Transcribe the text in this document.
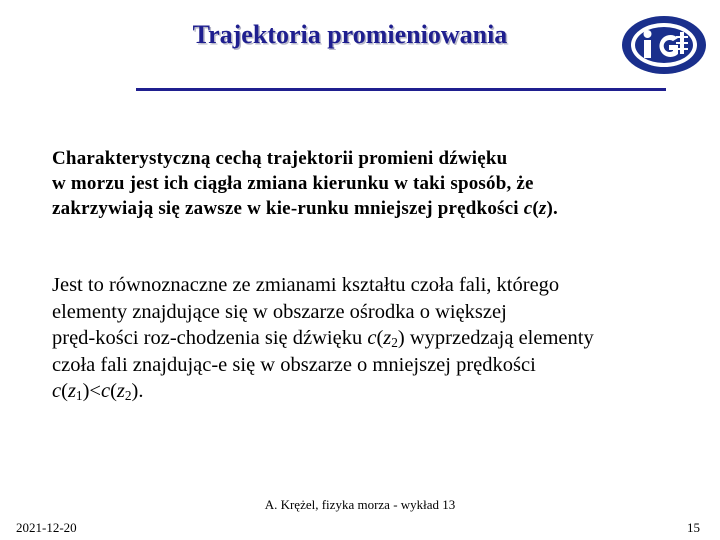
Trajektoria promieniowania
Charakterystyczną cechą trajektorii promieni dźwięku
w morzu jest ich ciągła zmiana kierunku w taki sposób, że
zakrzywiają się zawsze w kie-runku mniejszej prędkości c(z).
Jest to równoznaczne ze zmianami kształtu czoła fali, którego
elementy znajdujące się w obszarze ośrodka o większej
pręd-kości roz-chodzenia się dźwięku $c(z_2)$ wyprzedzają elementy
czoła fali znajdując-e się w obszarze o mniejszej prędkości
$c(z_1)<c(z_2)$.
A. Krężel, fizyka morza - wykład 13
2021-12-20	15
